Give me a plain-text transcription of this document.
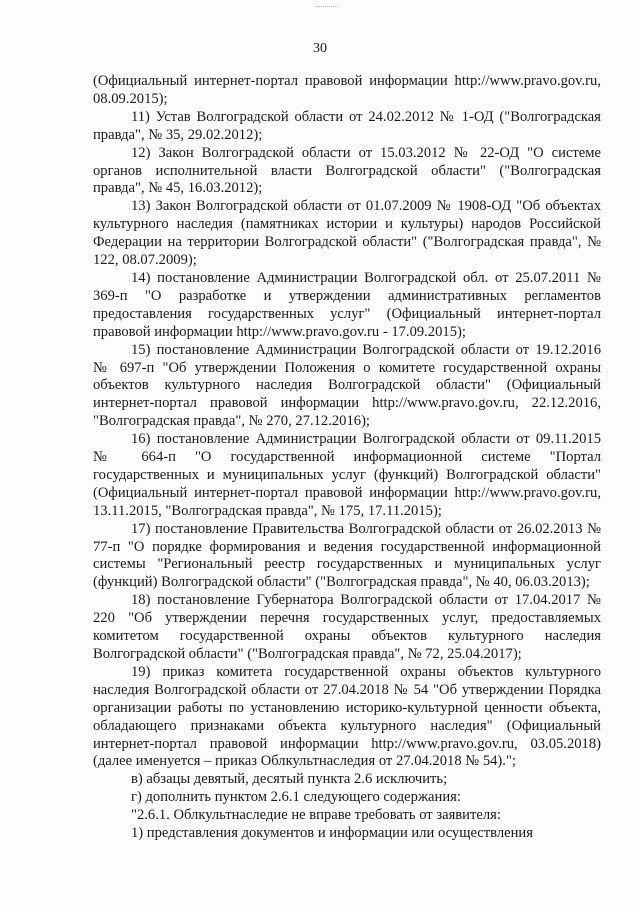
30

(Официальный интернет-портал правовой информации http://www.pravo.gov.ru, 08.09.2015);

11) Устав Волгоградской области от 24.02.2012 № 1-ОД ("Волгоградская правда", № 35, 29.02.2012);

12) Закон Волгоградской области от 15.03.2012 № 22-ОД "О системе органов исполнительной власти Волгоградской области" ("Волгоградская правда", № 45, 16.03.2012);

13) Закон Волгоградской области от 01.07.2009 № 1908-ОД "Об объектах культурного наследия (памятниках истории и культуры) народов Российской Федерации на территории Волгоградской области" ("Волгоградская правда", № 122, 08.07.2009);

14) постановление Администрации Волгоградской обл. от 25.07.2011 № 369-п "О разработке и утверждении административных регламентов предоставления государственных услуг" (Официальный интернет-портал правовой информации http://www.pravo.gov.ru - 17.09.2015);

15) постановление Администрации Волгоградской области от 19.12.2016 № 697-п "Об утверждении Положения о комитете государственной охраны объектов культурного наследия Волгоградской области" (Официальный интернет-портал правовой информации http://www.pravo.gov.ru, 22.12.2016, "Волгоградская правда", № 270, 27.12.2016);

16) постановление Администрации Волгоградской области от 09.11.2015 № 664-п "О государственной информационной системе "Портал государственных и муниципальных услуг (функций) Волгоградской области" (Официальный интернет-портал правовой информации http://www.pravo.gov.ru, 13.11.2015, "Волгоградская правда", № 175, 17.11.2015);

17) постановление Правительства Волгоградской области от 26.02.2013 № 77-п "О порядке формирования и ведения государственной информационной системы "Региональный реестр государственных и муниципальных услуг (функций) Волгоградской области" ("Волгоградская правда", № 40, 06.03.2013);

18) постановление Губернатора Волгоградской области от 17.04.2017 № 220 "Об утверждении перечня государственных услуг, предоставляемых комитетом государственной охраны объектов культурного наследия Волгоградской области" ("Волгоградская правда", № 72, 25.04.2017);

19) приказ комитета государственной охраны объектов культурного наследия Волгоградской области от 27.04.2018 № 54 "Об утверждении Порядка организации работы по установлению историко-культурной ценности объекта, обладающего признаками объекта культурного наследия" (Официальный интернет-портал правовой информации http://www.pravo.gov.ru, 03.05.2018) (далее именуется – приказ Облкультнаследия от 27.04.2018 № 54).";

в) абзацы девятый, десятый пункта 2.6 исключить;

г) дополнить пунктом 2.6.1 следующего содержания:

"2.6.1. Облкультнаследие не вправе требовать от заявителя:

1) представления документов и информации или осуществления
